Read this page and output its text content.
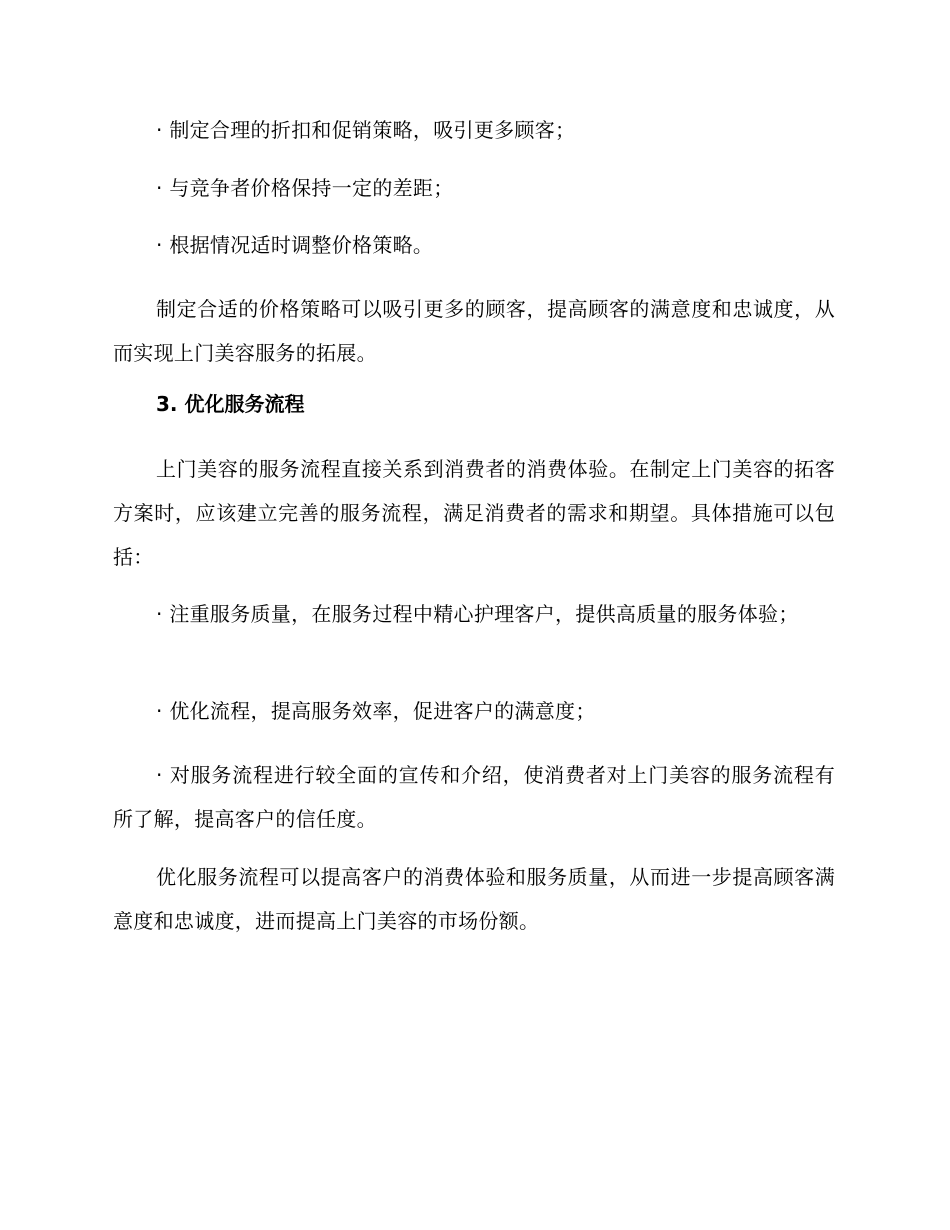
· 制定合理的折扣和促销策略，吸引更多顾客；

· 与竞争者价格保持一定的差距；

· 根据情况适时调整价格策略。

制定合适的价格策略可以吸引更多的顾客，提高顾客的满意度和忠诚度，从而实现上门美容服务的拓展。

3. 优化服务流程

上门美容的服务流程直接关系到消费者的消费体验。在制定上门美容的拓客方案时，应该建立完善的服务流程，满足消费者的需求和期望。具体措施可以包括：

· 注重服务质量，在服务过程中精心护理客户，提供高质量的服务体验；

· 优化流程，提高服务效率，促进客户的满意度；

· 对服务流程进行较全面的宣传和介绍，使消费者对上门美容的服务流程有所了解，提高客户的信任度。

优化服务流程可以提高客户的消费体验和服务质量，从而进一步提高顾客满意度和忠诚度，进而提高上门美容的市场份额。
